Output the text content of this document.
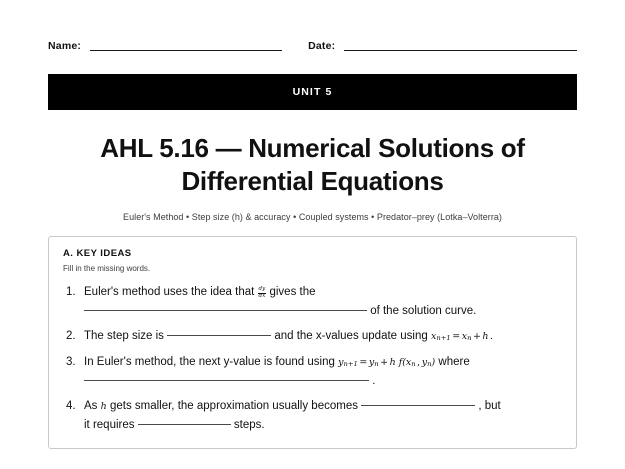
Name:	Date:
UNIT 5
AHL 5.16 — Numerical Solutions of
Differential Equations
Euler's Method • Step size (h) & accuracy • Coupled systems • Predator–prey (Lotka–Volterra)
A. KEY IDEAS
Fill in the missing words.
Euler's method uses the idea that $\frac{dy}{dx}$ gives the
of the solution curve.
The step size is	and the x-values update using $x_{n+1} = x_n + h$ .
In Euler's method, the next y-value is found using $y_{n+1} = y_n + h$ $f(x_n$ , $y_n$) where
.
As h gets smaller, the approximation usually becomes	, but
it requires	steps.
